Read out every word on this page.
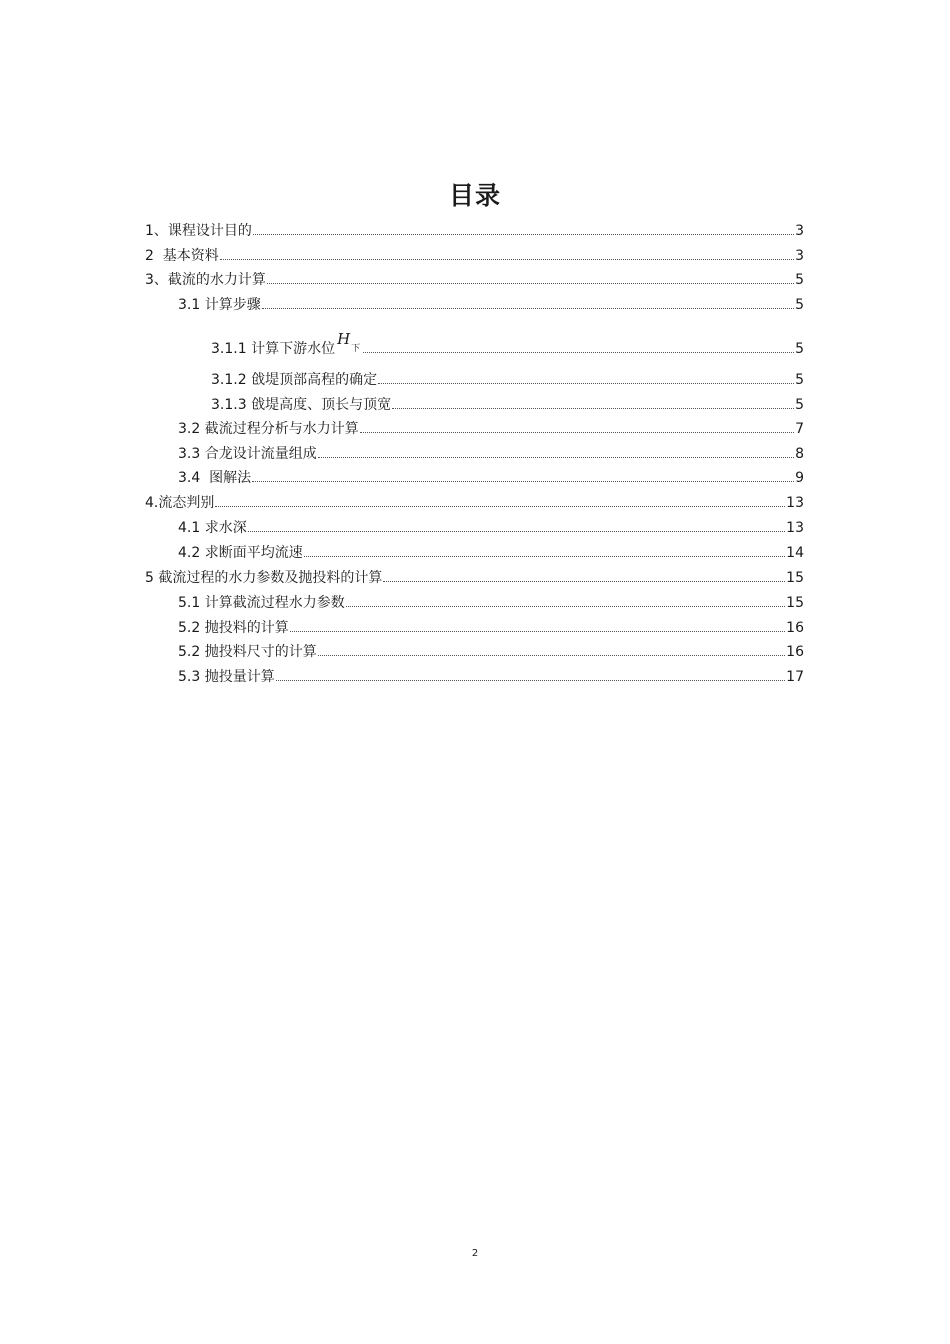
目录
1、课程设计目的	3
2  基本资料	3
3、截流的水力计算	5
3.1 计算步骤	5
3.1.1 计算下游水位H下	5
3.1.2 戗堤顶部高程的确定	5
3.1.3 戗堤高度、顶长与顶宽	5
3.2 截流过程分析与水力计算	7
3.3 合龙设计流量组成	8
3.4  图解法	9
4.流态判别	13
4.1 求水深	13
4.2 求断面平均流速	14
5 截流过程的水力参数及抛投料的计算	15
5.1 计算截流过程水力参数	15
5.2 抛投料的计算	16
5.2 抛投料尺寸的计算	16
5.3 抛投量计算	17
2
